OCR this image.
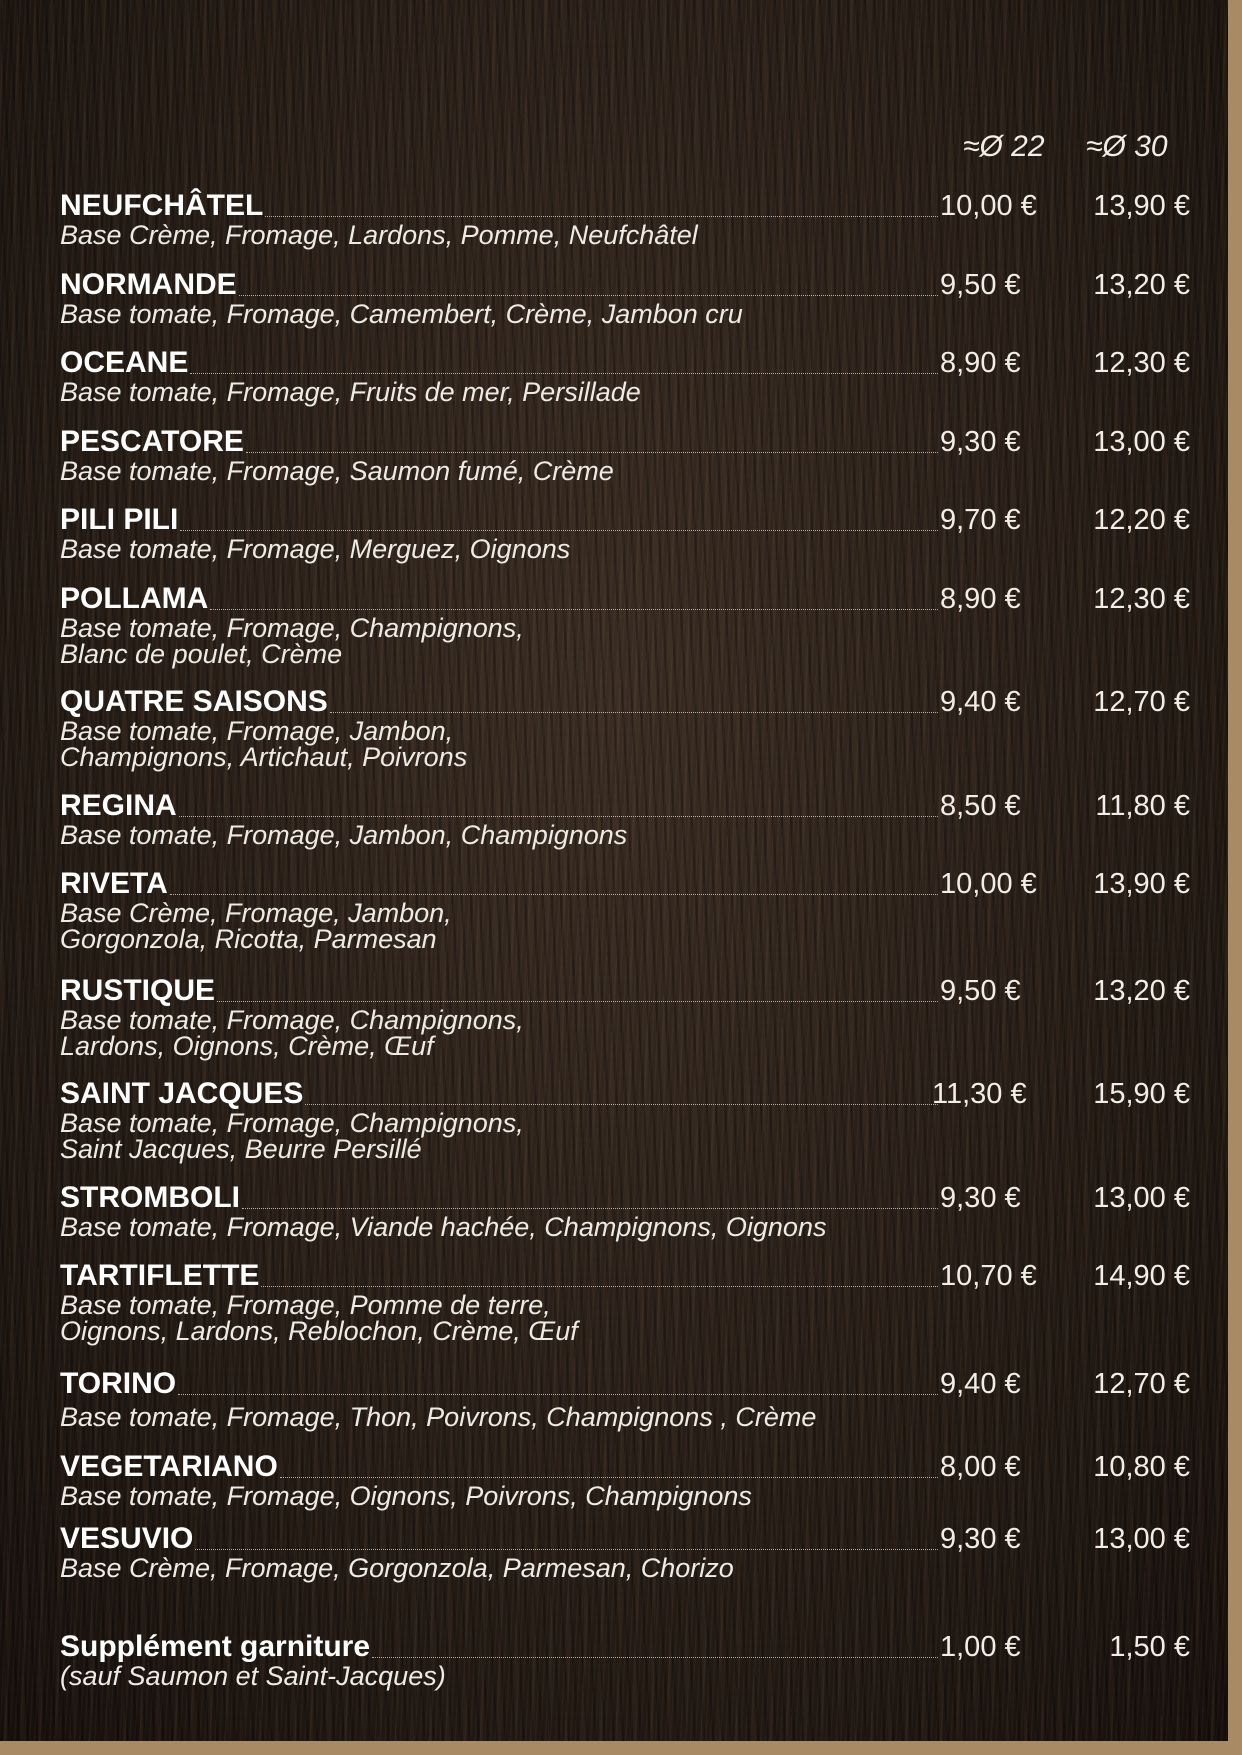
≈Ø 22 ≈Ø 30
NEUFCHÂTEL	10,00 €	13,90 €
Base Crème, Fromage, Lardons, Pomme, Neufchâtel
NORMANDE	9,50 €	13,20 €
Base tomate, Fromage, Camembert, Crème, Jambon cru
OCEANE	8,90 €	12,30 €
Base tomate, Fromage, Fruits de mer, Persillade
PESCATORE	9,30 €	13,00 €
Base tomate, Fromage, Saumon fumé, Crème
PILI PILI	9,70 €	12,20 €
Base tomate, Fromage, Merguez, Oignons
POLLAMA	8,90 €	12,30 €
Base tomate, Fromage, Champignons,
Blanc de poulet, Crème
QUATRE SAISONS	9,40 €	12,70 €
Base tomate, Fromage, Jambon,
Champignons, Artichaut, Poivrons
REGINA	8,50 €	11,80 €
Base tomate, Fromage, Jambon, Champignons
RIVETA	10,00 €	13,90 €
Base Crème, Fromage, Jambon,
Gorgonzola, Ricotta, Parmesan
RUSTIQUE	9,50 €	13,20 €
Base tomate, Fromage, Champignons,
Lardons, Oignons, Crème, Œuf
SAINT JACQUES	11,30 €	15,90 €
Base tomate, Fromage, Champignons,
Saint Jacques, Beurre Persillé
STROMBOLI	9,30 €	13,00 €
Base tomate, Fromage, Viande hachée, Champignons, Oignons
TARTIFLETTE	10,70 €	14,90 €
Base tomate, Fromage, Pomme de terre,
Oignons, Lardons, Reblochon, Crème, Œuf
TORINO	9,40 €	12,70 €
Base tomate, Fromage, Thon, Poivrons, Champignons , Crème
VEGETARIANO	8,00 €	10,80 €
Base tomate, Fromage, Oignons, Poivrons, Champignons
VESUVIO	9,30 €	13,00 €
Base Crème, Fromage, Gorgonzola, Parmesan, Chorizo
Supplément garniture	1,00 €	1,50 €
(sauf Saumon et Saint-Jacques)
